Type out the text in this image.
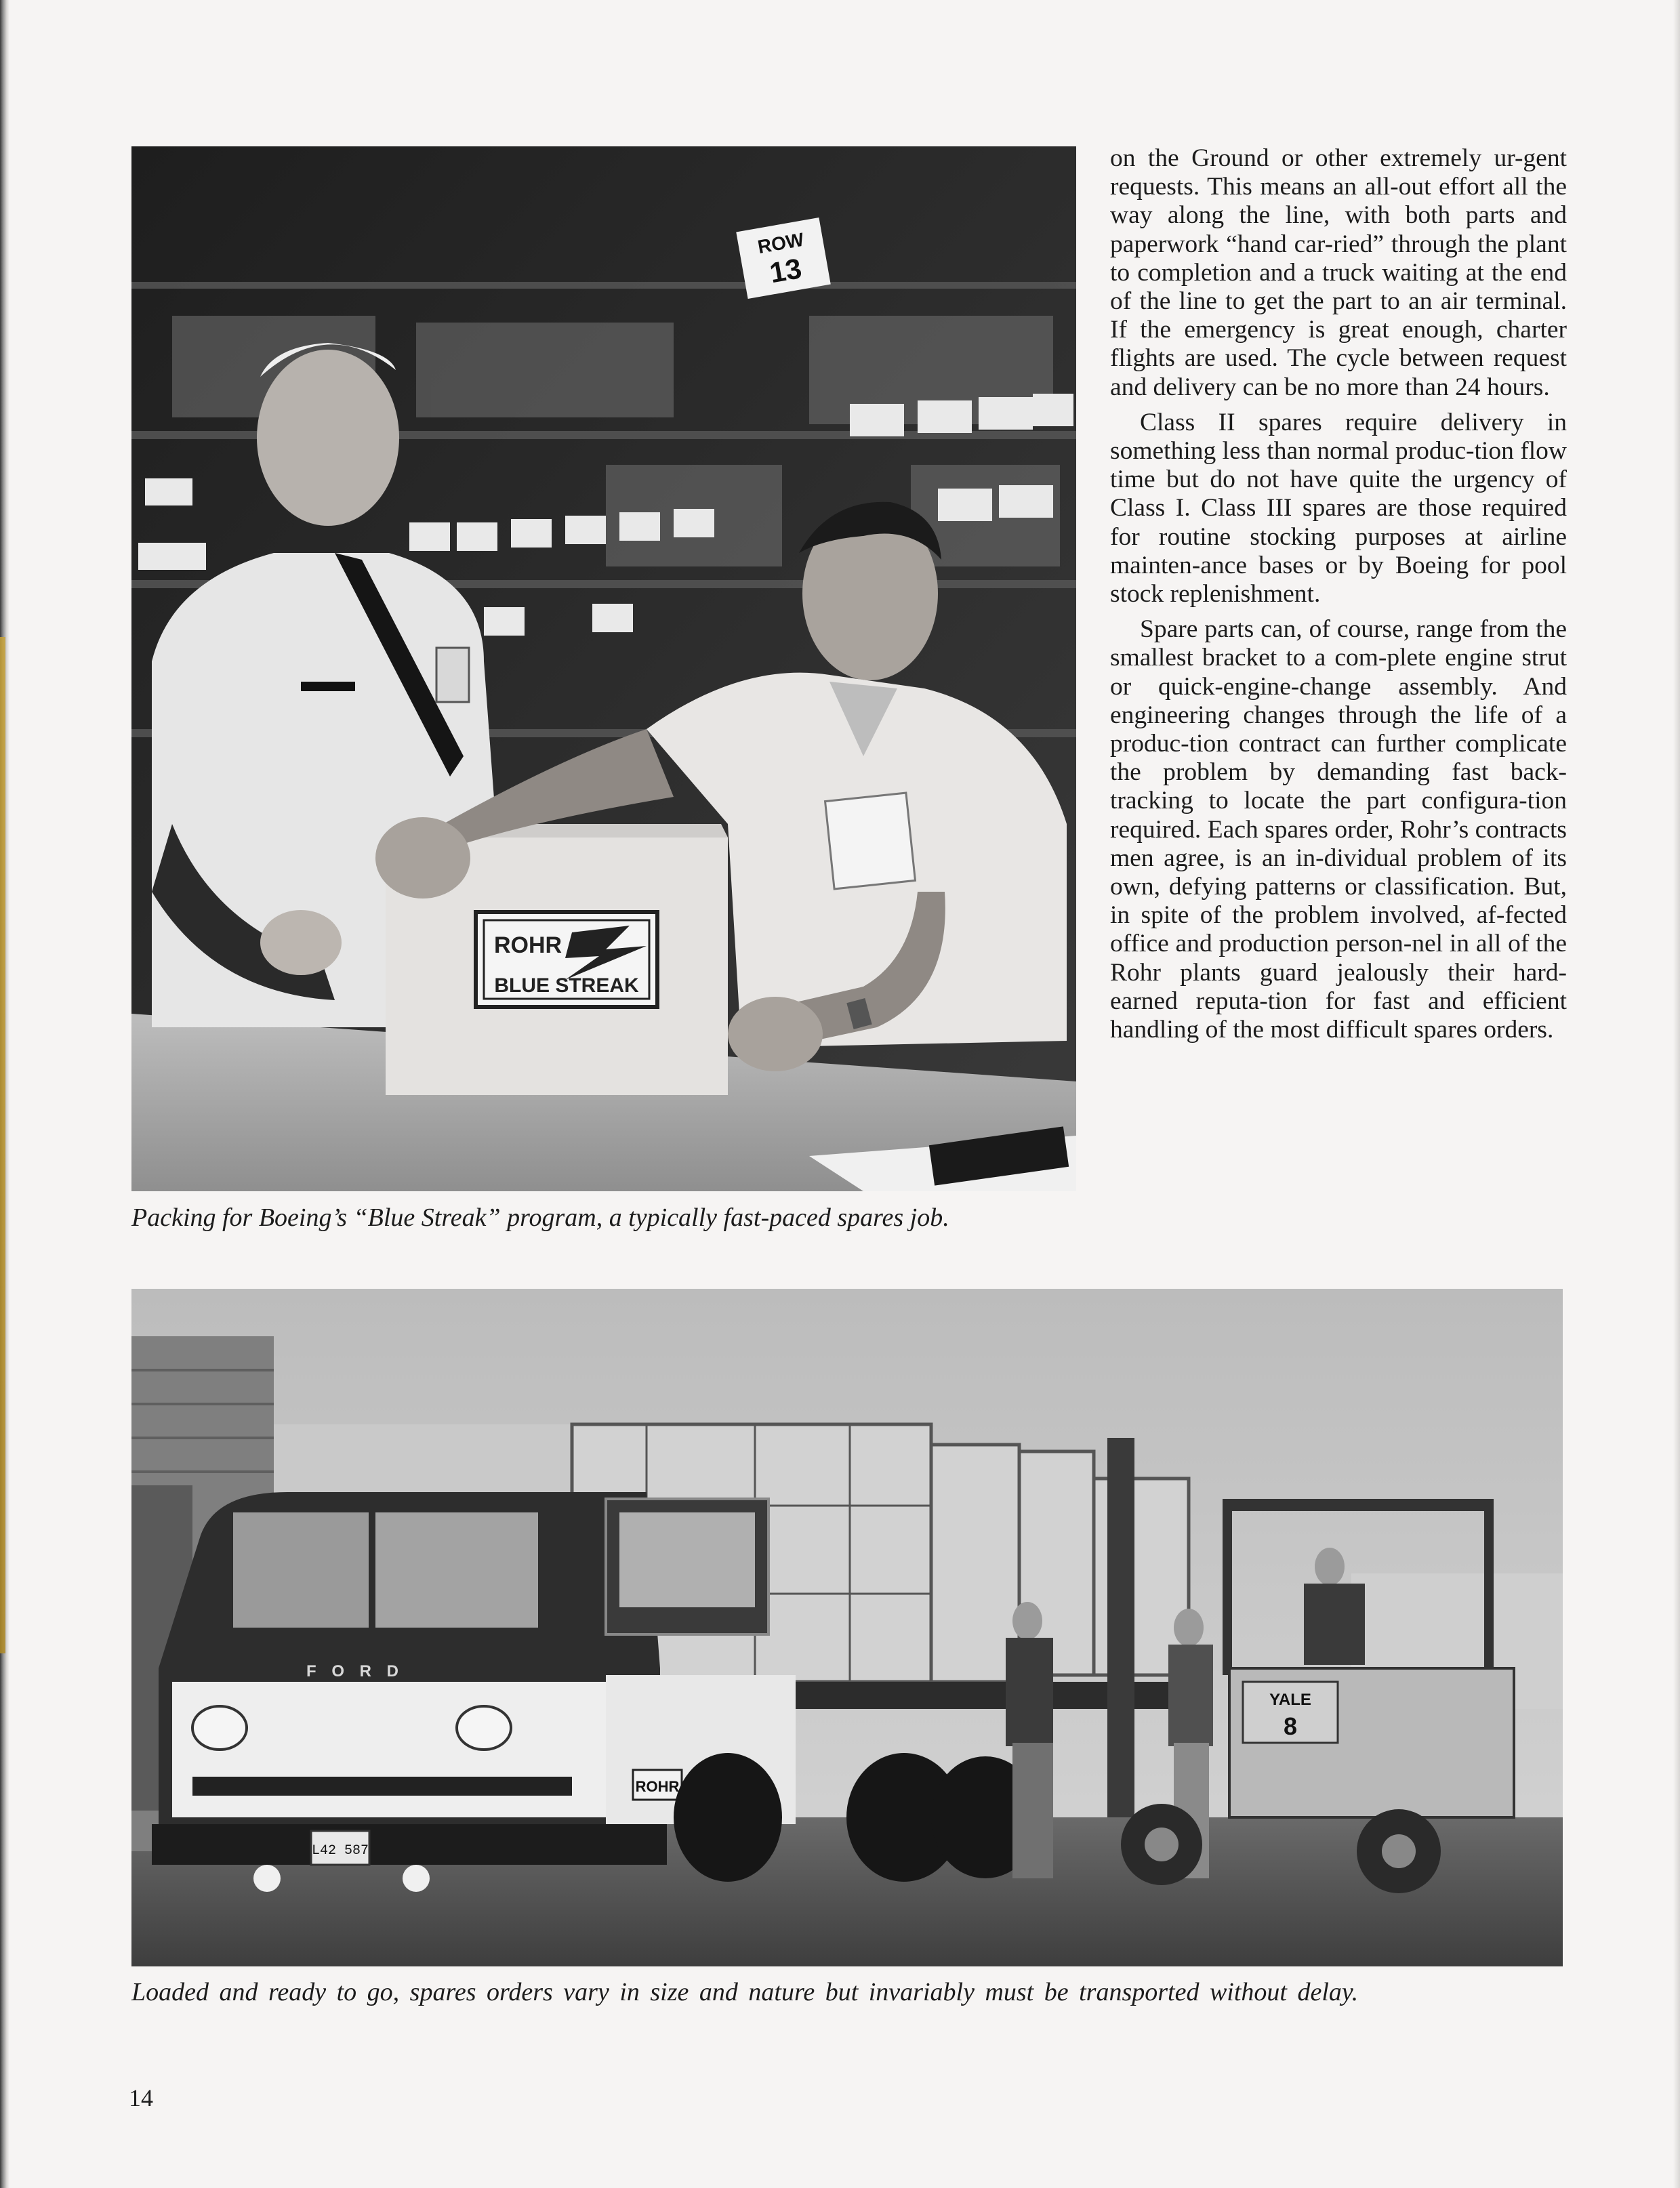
ROW
13
ROHR
BLUE STREAK
Packing for Boeing’s “Blue Streak” program, a typically fast-paced spares job.

on the Ground or other extremely ur-gent requests. This means an all-out effort all the way along the line, with both parts and paperwork “hand car-ried” through the plant to completion and a truck waiting at the end of the line to get the part to an air terminal. If the emergency is great enough, charter flights are used. The cycle between request and delivery can be no more than 24 hours.

Class II spares require delivery in something less than normal produc-tion flow time but do not have quite the urgency of Class I. Class III spares are those required for routine stocking purposes at airline mainten-ance bases or by Boeing for pool stock replenishment.

Spare parts can, of course, range from the smallest bracket to a com-plete engine strut or quick-engine-change assembly. And engineering changes through the life of a produc-tion contract can further complicate the problem by demanding fast back-tracking to locate the part configura-tion required. Each spares order, Rohr’s contracts men agree, is an in-dividual problem of its own, defying patterns or classification. But, in spite of the problem involved, af-fected office and production person-nel in all of the Rohr plants guard jealously their hard-earned reputa-tion for fast and efficient handling of the most difficult spares orders.

F O R D
ROHR
L42 587
YALE
8
Loaded and ready to go, spares orders vary in size and nature but invariably must be transported without delay.
14
